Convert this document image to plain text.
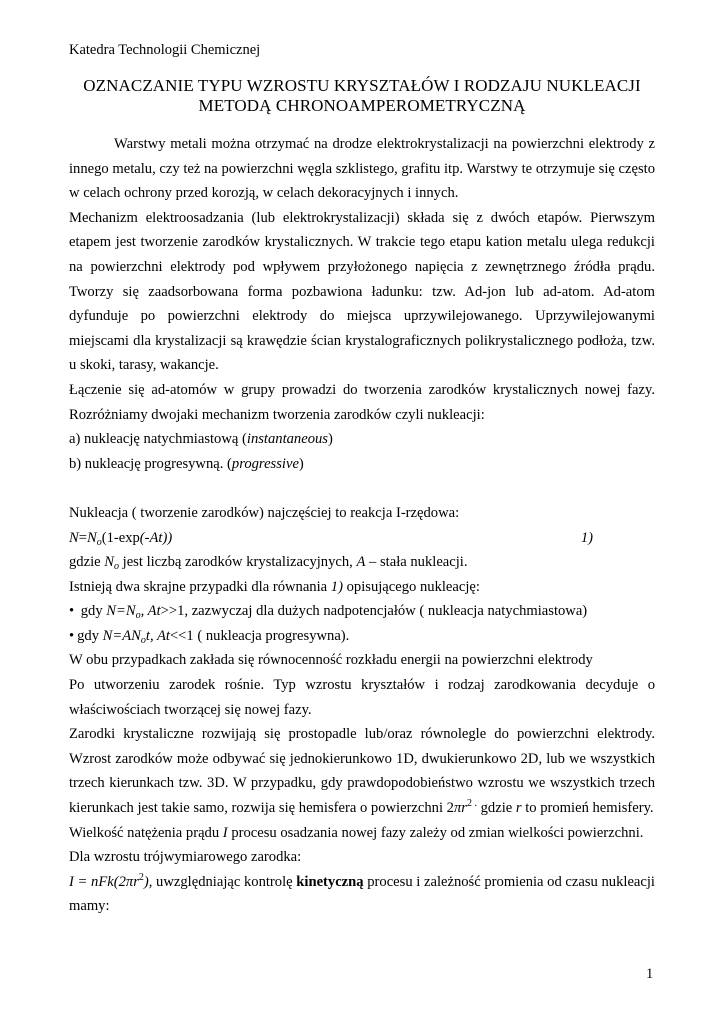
Katedra Technologii Chemicznej
OZNACZANIE TYPU WZROSTU KRYSZTAŁÓW I RODZAJU NUKLEACJI
METODĄ CHRONOAMPEROMETRYCZNĄ

Warstwy metali można otrzymać na drodze elektrokrystalizacji na powierzchni elektrody z innego metalu, czy też na powierzchni węgla szklistego, grafitu itp. Warstwy te otrzymuje się często w celach ochrony przed korozją, w celach dekoracyjnych i innych.

Mechanizm elektroosadzania (lub elektrokrystalizacji) składa się z dwóch etapów. Pierwszym etapem jest tworzenie zarodków krystalicznych. W trakcie tego etapu kation metalu ulega redukcji na powierzchni elektrody pod wpływem przyłożonego napięcia z zewnętrznego źródła prądu. Tworzy się zaadsorbowana forma pozbawiona ładunku: tzw. Ad-jon lub ad-atom. Ad-atom dyfunduje po powierzchni elektrody do miejsca uprzywilejowanego. Uprzywilejowanymi miejscami dla krystalizacji są krawędzie ścian krystalograficznych polikrystalicznego podłoża, tzw. u skoki, tarasy, wakancje.

Łączenie się ad-atomów w grupy prowadzi do tworzenia zarodków krystalicznych nowej fazy. Rozróżniamy dwojaki mechanizm tworzenia zarodków czyli nukleacji:

a) nukleację natychmiastową (instantaneous)

b) nukleację progresywną. (progressive)

Nukleacja ( tworzenie zarodków) najczęściej to reakcja I-rzędowa:

$N=N_o(1-\exp(-At))$	1)

gdzie $N_o$ jest liczbą zarodków krystalizacyjnych, A – stała nukleacji.

Istnieją dwa skrajne przypadki dla równania 1) opisującego nukleację:

• gdy $N=N_o$, At>>1, zazwyczaj dla dużych nadpotencjałów ( nukleacja natychmiastowa)

• gdy $N=AN_ot$, At<<1 ( nukleacja progresywna).

W obu przypadkach zakłada się równocenność rozkładu energii na powierzchni elektrody

Po utworzeniu zarodek rośnie. Typ wzrostu kryształów i rodzaj zarodkowania decyduje o właściwościach tworzącej się nowej fazy.

Zarodki krystaliczne rozwijają się prostopadle lub/oraz równolegle do powierzchni elektrody. Wzrost zarodków może odbywać się jednokierunkowo 1D, dwukierunkowo 2D, lub we wszystkich trzech kierunkach tzw. 3D. W przypadku, gdy prawdopodobieństwo wzrostu we wszystkich trzech kierunkach jest takie samo, rozwija się hemisfera o powierzchni $2\pi r^{2 .}$ gdzie r to promień hemisfery.

Wielkość natężenia prądu I procesu osadzania nowej fazy zależy od zmian wielkości powierzchni.

Dla wzrostu trójwymiarowego zarodka:

$I = nFk(2\pi r^2)$, uwzględniając kontrolę kinetyczną procesu i zależność promienia od czasu nukleacji mamy:

1
